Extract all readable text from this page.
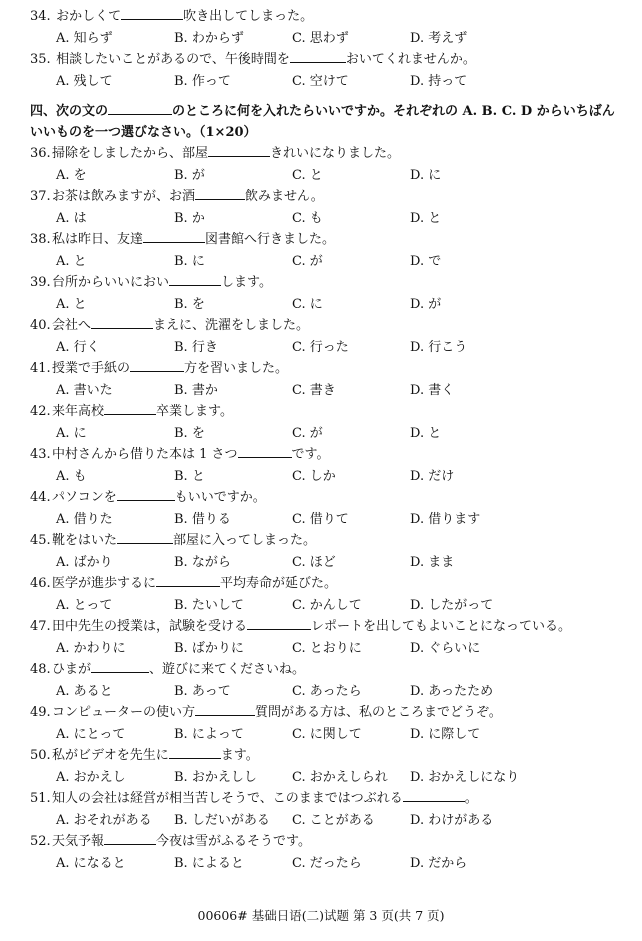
34. おかしくて	吹き出してしまった。
A. 知らず	B. わからず	C. 思わず	D. 考えず
35. 相談したいことがあるので、午後時間を	おいてくれませんか。
A. 残して	B. 作って	C. 空けて	D. 持って
四、次の文の	のところに何を入れたらいいですか。それぞれの A. B. C. D からいちばんいいものを一つ選びなさい。（1×20）
36.掃除をしましたから、部屋	きれいになりました。
A. を	B. が	C. と	D. に
37.お茶は飲みますが、お酒	飲みません。
A. は	B. か	C. も	D. と
38.私は昨日、友達	図書館へ行きました。
A. と	B. に	C. が	D. で
39.台所からいいにおい	します。
A. と	B. を	C. に	D. が
40.会社へ	まえに、洗濯をしました。
A. 行く	B. 行き	C. 行った	D. 行こう
41.授業で手紙の	方を習いました。
A. 書いた	B. 書か	C. 書き	D. 書く
42.来年高校	卒業します。
A. に	B. を	C. が	D. と
43.中村さんから借りた本は 1 さつ	です。
A. も	B. と	C. しか	D. だけ
44.パソコンを	もいいですか。
A. 借りた	B. 借りる	C. 借りて	D. 借ります
45.靴をはいた	部屋に入ってしまった。
A. ばかり	B. ながら	C. ほど	D. まま
46.医学が進歩するに	平均寿命が延びた。
A. とって	B. たいして	C. かんして	D. したがって
47.田中先生の授業は，試験を受ける	レポートを出してもよいことになっている。
A. かわりに	B. ばかりに	C. とおりに	D. ぐらいに
48.ひまが	、遊びに来てくださいね。
A. あると	B. あって	C. あったら	D. あったため
49.コンピューターの使い方	質問がある方は、私のところまでどうぞ。
A. にとって	B. によって	C. に関して	D. に際して
50.私がビデオを先生に	ます。
A. おかえし	B. おかえしし	C. おかえしられ D. おかえしになり
51.知人の会社は経営が相当苦しそうで、このままではつぶれる	。
A. おそれがある B. しだいがある C. ことがある	D. わけがある
52.天気予報	今夜は雪がふるそうです。
A. になると	B. によると	C. だったら	D. だから
00606# 基础日语(二)试题 第 3 页(共 7 页)
